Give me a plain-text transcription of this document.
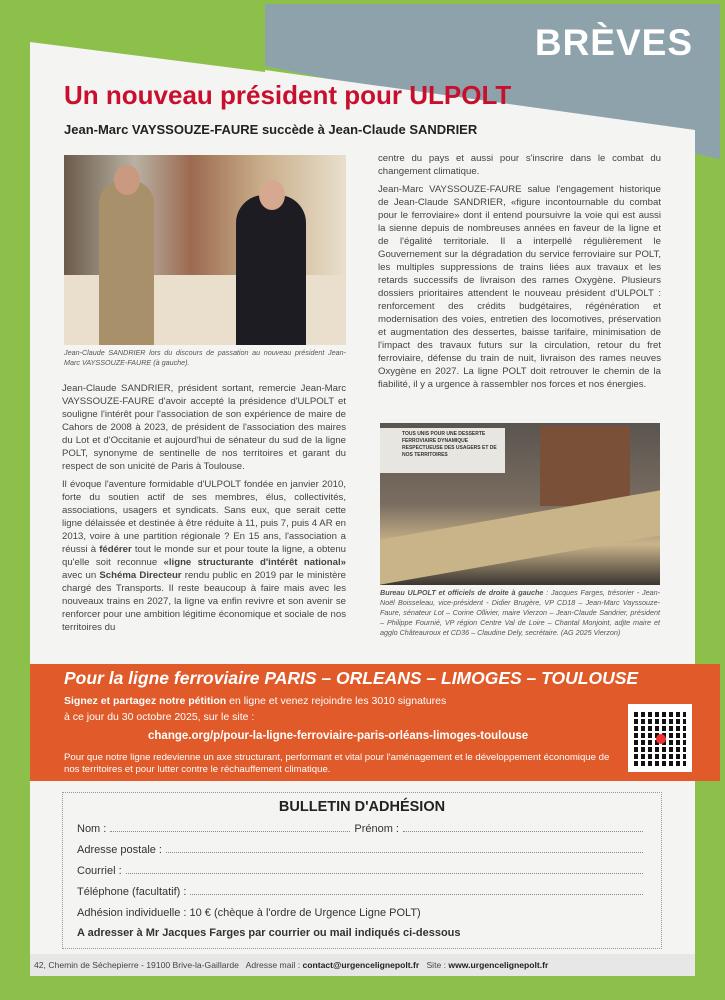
BRÈVES
Un nouveau président pour ULPOLT
Jean-Marc VAYSSOUZE-FAURE succède à Jean-Claude SANDRIER
Jean-Claude SANDRIER lors du discours de passation au nouveau président Jean-Marc VAYSSOUZE-FAURE (à gauche).

Jean-Claude SANDRIER, président sortant, remercie Jean-Marc VAYSSOUZE-FAURE d'avoir accepté la présidence d'ULPOLT et souligne l'intérêt pour l'association de son expérience de maire de Cahors de 2008 à 2023, de président de l'association des maires du Lot et d'Occitanie et aujourd'hui de sénateur du sud de la ligne POLT, synonyme de sentinelle de nos territoires et garant du respect de son unicité de Paris à Toulouse.

Il évoque l'aventure formidable d'ULPOLT fondée en janvier 2010, forte du soutien actif de ses membres, élus, collectivités, associations, usagers et syndicats. Sans eux, que serait cette ligne délaissée et destinée à être réduite à 11, puis 7, puis 4 AR en 2013, voire à une partition régionale ? En 15 ans, l'association a réussi à fédérer tout le monde sur et pour toute la ligne, a obtenu qu'elle soit reconnue «ligne structurante d'intérêt national» avec un Schéma Directeur rendu public en 2019 par le ministère chargé des Transports. Il reste beaucoup à faire mais avec les nouveaux trains en 2027, la ligne va enfin revivre et son avenir se renforcer pour une ambition légitime économique et sociale de nos territoires du

centre du pays et aussi pour s'inscrire dans le combat du changement climatique.

Jean-Marc VAYSSOUZE-FAURE salue l'engagement historique de Jean-Claude SANDRIER, «figure incontournable du combat pour le ferroviaire» dont il entend poursuivre la voie qui est aussi la sienne depuis de nombreuses années en faveur de la ligne et de l'égalité territoriale. Il a interpellé régulièrement le Gouvernement sur la dégradation du service ferroviaire sur POLT, les multiples suppressions de trains liées aux travaux et les retards successifs de livraison des rames Oxygène. Plusieurs dossiers prioritaires attendent le nouveau président d'ULPOLT : renforcement des crédits budgétaires, régénération et modernisation des voies, entretien des locomotives, préservation et augmentation des dessertes, baisse tarifaire, minimisation de l'impact des travaux futurs sur la circulation, retour du fret ferroviaire, défense du train de nuit, livraison des rames neuves Oxygène en 2027. La ligne POLT doit retrouver le chemin de la fiabilité, il y a urgence à rassembler nos forces et nos énergies.

TOUS UNIS POUR UNE DESSERTE FERROVIAIRE DYNAMIQUE RESPECTUEUSE DES USAGERS ET DE NOS TERRITOIRES
Bureau ULPOLT et officiels de droite à gauche : Jacques Farges, trésorier - Jean-Noël Boisseleau, vice-président - Didier Brugère, VP CD18 – Jean-Marc Vayssouze-Faure, sénateur Lot – Corine Ollivier, maire Vierzon – Jean-Claude Sandrier, président – Philippe Fournié, VP région Centre Val de Loire – Chantal Monjoint, adjte maire et agglo Châteauroux et CD36 – Claudine Dely, secrétaire. (AG 2025 Vierzon)
Pour la ligne ferroviaire PARIS – ORLEANS – LIMOGES – TOULOUSE
Signez et partagez notre pétition en ligne et venez rejoindre les 3010 signatures
à ce jour du 30 octobre 2025, sur le site :
change.org/p/pour-la-ligne-ferroviaire-paris-orléans-limoges-toulouse
Pour que notre ligne redevienne un axe structurant, performant et vital pour l'aménagement et le développement économique de nos territoires et pour lutter contre le réchauffement climatique.
BULLETIN D'ADHÉSION
Nom :	Prénom :
Adresse postale :
Courriel :
Téléphone (facultatif) :
Adhésion individuelle : 10 € (chèque à l'ordre de Urgence Ligne POLT)
A adresser à Mr Jacques Farges par courrier ou mail indiqués ci-dessous
42, Chemin de Séchepierre - 19100 Brive-la-Gaillarde Adresse mail : contact@urgencelignepolt.fr Site : www.urgencelignepolt.fr
